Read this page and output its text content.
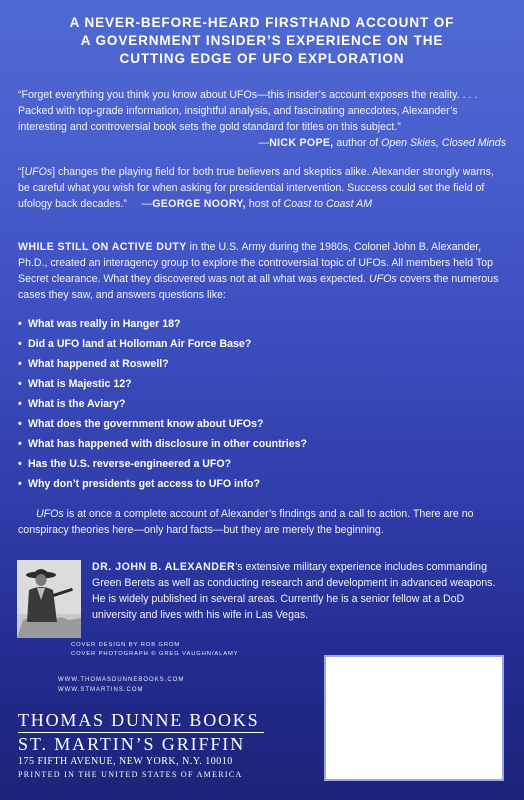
A NEVER-BEFORE-HEARD FIRSTHAND ACCOUNT OF
A GOVERNMENT INSIDER’S EXPERIENCE ON THE
CUTTING EDGE OF UFO EXPLORATION
“Forget everything you think you know about UFOs—this insider’s account exposes the reality. . . . Packed with top-grade information, insightful analysis, and fascinating anecdotes, Alexander’s interesting and controversial book sets the gold standard for titles on this subject.”
—NICK POPE, author of Open Skies, Closed Minds
“[UFOs] changes the playing field for both true believers and skeptics alike. Alexander strongly warns, be careful what you wish for when asking for presidential intervention. Success could set the field of ufology back decades.” —GEORGE NOORY, host of Coast to Coast AM
WHILE STILL ON ACTIVE DUTY in the U.S. Army during the 1980s, Colonel John B. Alexander, Ph.D., created an interagency group to explore the controversial topic of UFOs. All members held Top Secret clearance. What they discovered was not at all what was expected. UFOs covers the numerous cases they saw, and answers questions like:
• What was really in Hanger 18?
• Did a UFO land at Holloman Air Force Base?
• What happened at Roswell?
• What is Majestic 12?
• What is the Aviary?
• What does the government know about UFOs?
• What has happened with disclosure in other countries?
• Has the U.S. reverse-engineered a UFO?
• Why don’t presidents get access to UFO info?
UFOs is at once a complete account of Alexander’s findings and a call to action. There are no conspiracy theories here—only hard facts—but they are merely the beginning.
DR. JOHN B. ALEXANDER’s extensive military experience includes commanding Green Berets as well as conducting research and development in advanced weapons. He is widely published in several areas. Currently he is a senior fellow at a DoD university and lives with his wife in Las Vegas.
COVER DESIGN BY ROB GROM
COVER PHOTOGRAPH © GREG VAUGHN/ALAMY
WWW.THOMASDUNNEBOOKS.COM
WWW.STMARTINS.COM
THOMAS DUNNE BOOKS
ST. MARTIN’S GRIFFIN
175 FIFTH AVENUE, NEW YORK, N.Y. 10010
PRINTED IN THE UNITED STATES OF AMERICA
